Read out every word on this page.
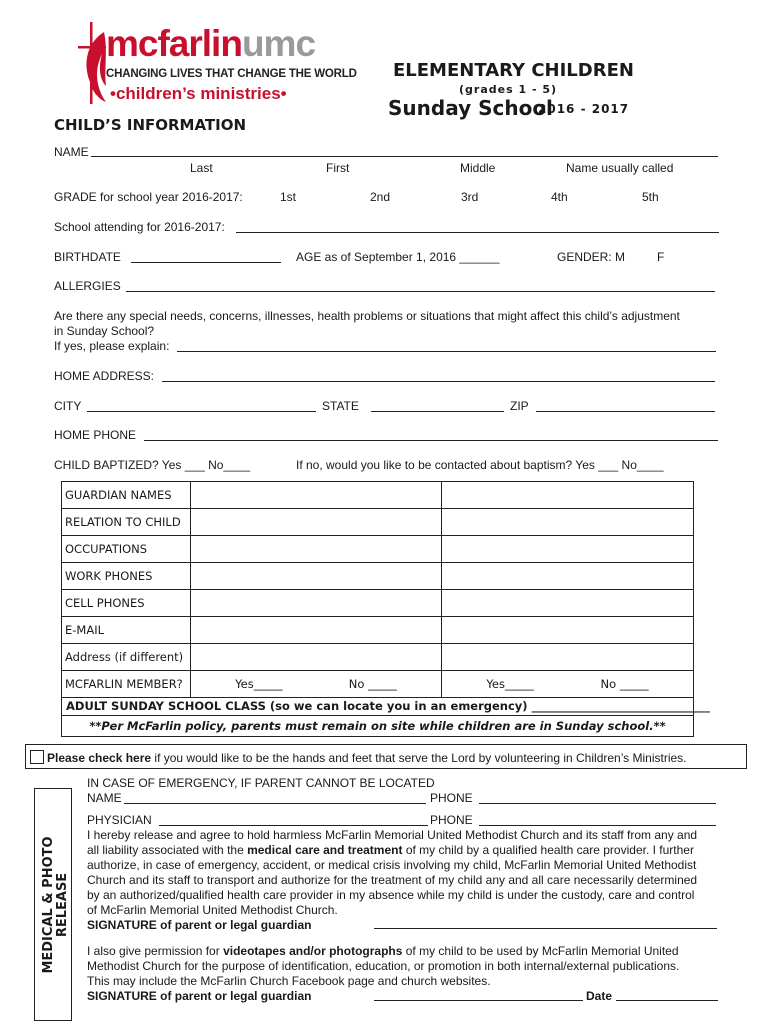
mcfarlinumc
CHANGING LIVES THAT CHANGE THE WORLD
•children’s ministries•
ELEMENTARY CHILDREN
(grades 1 - 5)
Sunday School
2016 - 2017
CHILD’S INFORMATION
NAME
Last	First	Middle	Name usually called
GRADE for school year 2016-2017:	1st	2nd	3rd	4th	5th
School attending for 2016-2017:
BIRTHDATE	AGE as of September 1, 2016 ______	GENDER: M	F
ALLERGIES
Are there any special needs, concerns, illnesses, health problems or situations that might affect this child’s adjustment
in Sunday School?
If yes, please explain:
HOME ADDRESS:
CITY	STATE	ZIP
HOME PHONE
CHILD BAPTIZED? Yes ___ No____	If no, would you like to be contacted about baptism? Yes ___ No____
GUARDIAN NAMES		
RELATION TO CHILD		
OCCUPATIONS		
WORK PHONES		
CELL PHONES		
E-MAIL		
Address (if different)		
MCFARLIN MEMBER?	Yes_____ No _____	Yes_____ No _____
ADULT SUNDAY SCHOOL CLASS (so we can locate you in an emergency) _______________________________
**Per McFarlin policy, parents must remain on site while children are in Sunday school.**
Please check here if you would like to be the hands and feet that serve the Lord by volunteering in Children’s Ministries.
MEDICAL & PHOTO RELEASE
IN CASE OF EMERGENCY, IF PARENT CANNOT BE LOCATED
NAME	PHONE
PHYSICIAN	PHONE
I hereby release and agree to hold harmless McFarlin Memorial United Methodist Church and its staff from any and
all liability associated with the medical care and treatment of my child by a qualified health care provider. I further
authorize, in case of emergency, accident, or medical crisis involving my child, McFarlin Memorial United Methodist
Church and its staff to transport and authorize for the treatment of my child any and all care necessarily determined
by an authorized/qualified health care provider in my absence while my child is under the custody, care and control
of McFarlin Memorial United Methodist Church.
SIGNATURE of parent or legal guardian
I also give permission for videotapes and/or photographs of my child to be used by McFarlin Memorial United
Methodist Church for the purpose of identification, education, or promotion in both internal/external publications.
This may include the McFarlin Church Facebook page and church websites.
SIGNATURE of parent or legal guardian	Date
